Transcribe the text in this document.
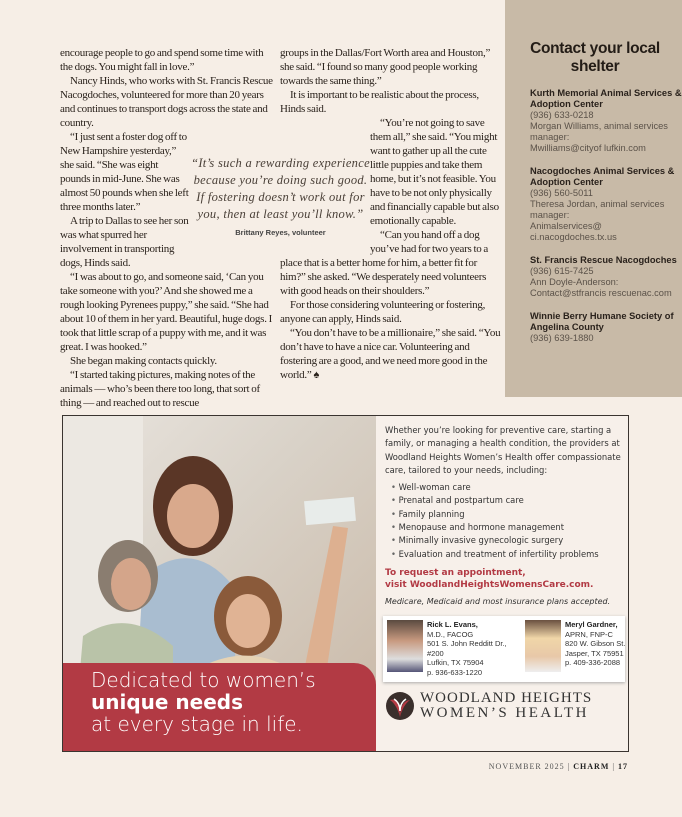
encourage people to go and spend some time with the dogs. You might fall in love.”

Nancy Hinds, who works with St. Francis Rescue Nacogdoches, volunteered for more than 20 years and continues to transport dogs across the state and country.

“I just sent a foster dog off to New Hampshire yesterday,” she said. “She was eight pounds in mid-June. She was almost 50 pounds when she left three months later.”

A trip to Dallas to see her son was what spurred her involvement in transporting dogs, Hinds said.

“I was about to go, and someone said, ‘Can you take someone with you?’ And she showed me a rough looking Pyrenees puppy,” she said. “She had about 10 of them in her yard. Beautiful, huge dogs. I took that little scrap of a puppy with me, and it was great. I was hooked.”

She began making contacts quickly.

“I started taking pictures, making notes of the animals — who’s been there too long, that sort of thing — and reached out to rescue

“It’s such a rewarding experience because you’re doing such good. If fostering doesn’t work out for you, then at least you’ll know.”
Brittany Reyes, volunteer

groups in the Dallas/Fort Worth area and Houston,” she said. “I found so many good people working towards the same thing.”

It is important to be realistic about the process, Hinds said.

“You’re not going to save them all,” she said. “You might want to gather up all the cute little puppies and take them home, but it’s not feasible. You have to be not only physically and financially capable but also emotionally capable.

“Can you hand off a dog you’ve had for two years to a place that is a better home for him, a better fit for him?” she asked. “We desperately need volunteers with good heads on their shoulders.”

For those considering volunteering or fostering, anyone can apply, Hinds said.

“You don’t have to be a millionaire,” she said. “You don’t have to have a nice car. Volunteering and fostering are a good, and we need more good in the world.” ♠

Contact your local shelter
Kurth Memorial Animal Services & Adoption Center
(936) 633-0218
Morgan Williams, animal services manager:
Mwilliams@cityof lufkin.com
Nacogdoches Animal Services & Adoption Center
(936) 560-5011
Theresa Jordan, animal services manager:
Animalservices@ ci.nacogdoches.tx.us
St. Francis Rescue Nacogdoches
(936) 615-7425
Ann Doyle-Anderson:
Contact@stfrancis rescuenac.com
Winnie Berry Humane Society of Angelina County
(936) 639-1880
Dedicated to women’s
unique needs
at every stage in life.
Whether you’re looking for preventive care, starting a family, or managing a health condition, the providers at Woodland Heights Women’s Health offer compassionate care, tailored to your needs, including:
• Well-woman care
• Prenatal and postpartum care
• Family planning
• Menopause and hormone management
• Minimally invasive gynecologic surgery
• Evaluation and treatment of infertility problems
To request an appointment,
visit WoodlandHeightsWomensCare.com.
Medicare, Medicaid and most insurance plans accepted.
Rick L. Evans,
M.D., FACOG
501 S. John Redditt Dr., #200
Lufkin, TX 75904
p. 936-633-1220
Meryl Gardner,
APRN, FNP-C
820 W. Gibson St.
Jasper, TX 75951
p. 409-336-2088
WOODLAND HEIGHTS
WOMEN’S HEALTH
NOVEMBER 2025 | CHARM | 17
